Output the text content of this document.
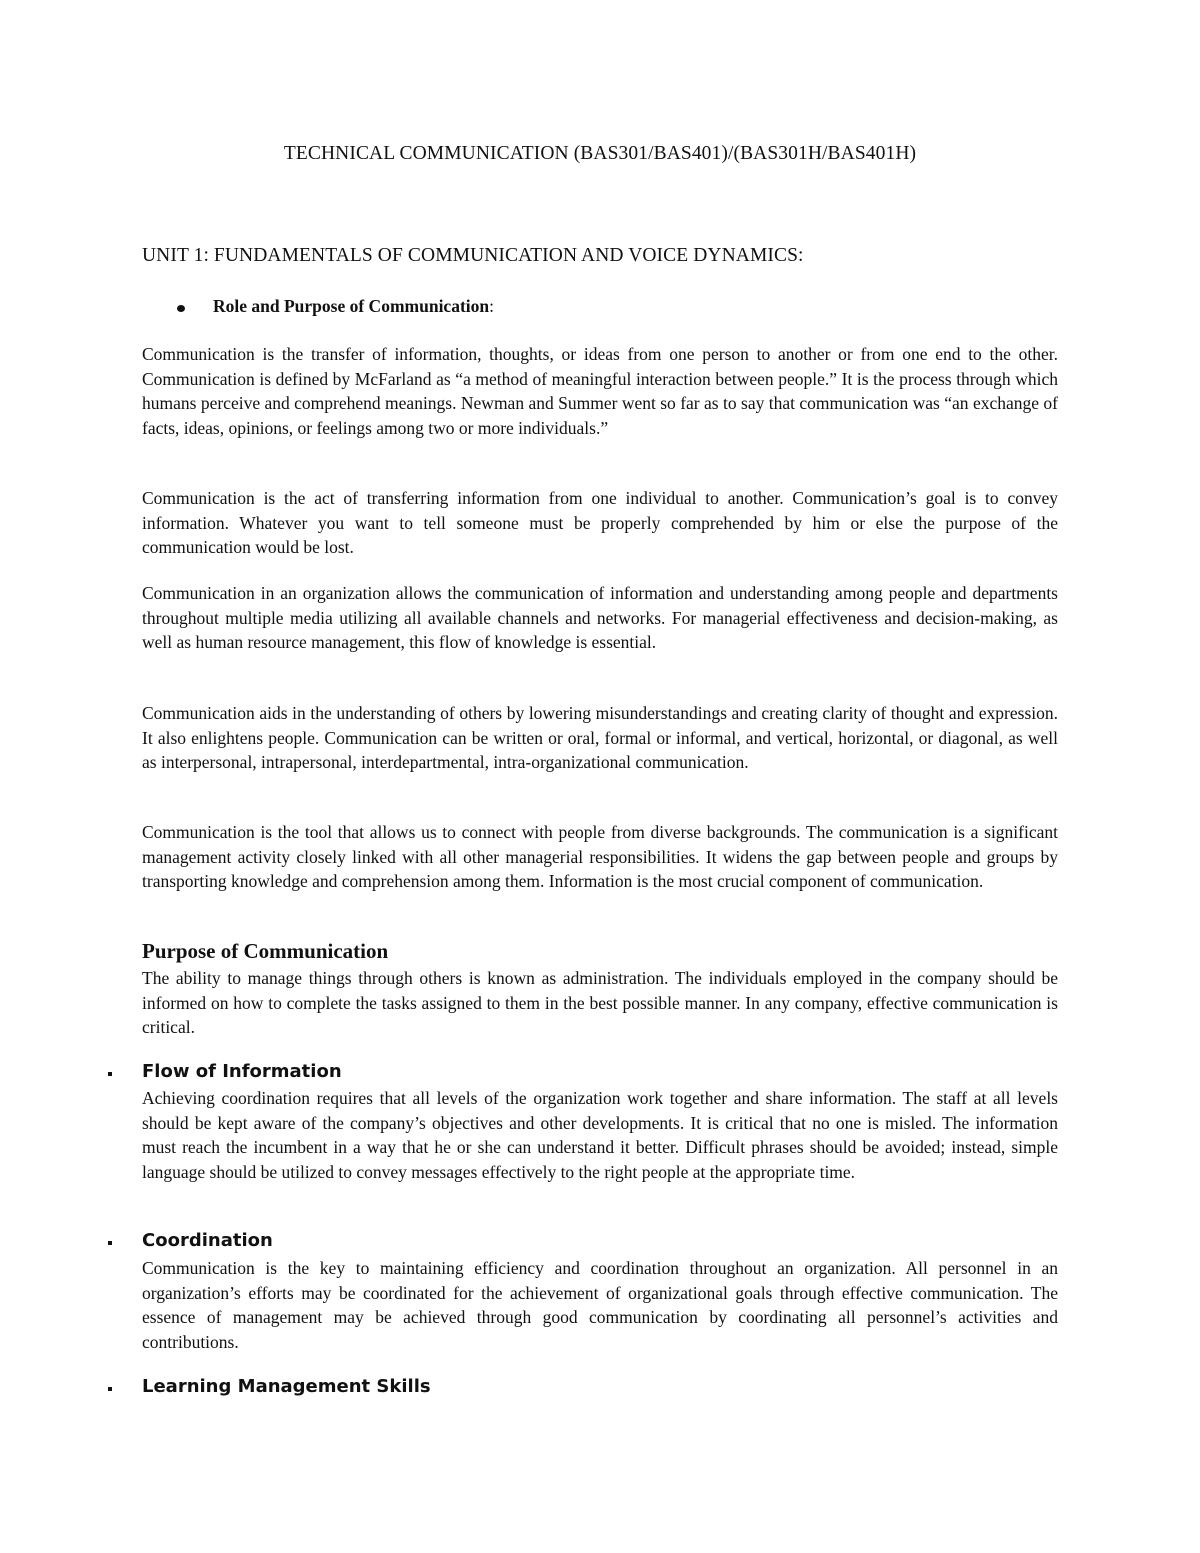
TECHNICAL COMMUNICATION (BAS301/BAS401)/(BAS301H/BAS401H)
UNIT 1: FUNDAMENTALS OF COMMUNICATION AND VOICE DYNAMICS:
Role and Purpose of Communication:

Communication is the transfer of information, thoughts, or ideas from one person to another or from one end to the other. Communication is defined by McFarland as “a method of meaningful interaction between people.” It is the process through which humans perceive and comprehend meanings. Newman and Summer went so far as to say that communication was “an exchange of facts, ideas, opinions, or feelings among two or more individuals.”

Communication is the act of transferring information from one individual to another. Communication’s goal is to convey information. Whatever you want to tell someone must be properly comprehended by him or else the purpose of the communication would be lost.

Communication in an organization allows the communication of information and understanding among people and departments throughout multiple media utilizing all available channels and networks. For managerial effectiveness and decision-making, as well as human resource management, this flow of knowledge is essential.

Communication aids in the understanding of others by lowering misunderstandings and creating clarity of thought and expression. It also enlightens people. Communication can be written or oral, formal or informal, and vertical, horizontal, or diagonal, as well as interpersonal, intrapersonal, interdepartmental, intra-organizational communication.

Communication is the tool that allows us to connect with people from diverse backgrounds. The communication is a significant management activity closely linked with all other managerial responsibilities. It widens the gap between people and groups by transporting knowledge and comprehension among them. Information is the most crucial component of communication.

Purpose of Communication

The ability to manage things through others is known as administration. The individuals employed in the company should be informed on how to complete the tasks assigned to them in the best possible manner. In any company, effective communication is critical.

Flow of Information

Achieving coordination requires that all levels of the organization work together and share information. The staff at all levels should be kept aware of the company’s objectives and other developments. It is critical that no one is misled. The information must reach the incumbent in a way that he or she can understand it better. Difficult phrases should be avoided; instead, simple language should be utilized to convey messages effectively to the right people at the appropriate time.

Coordination

Communication is the key to maintaining efficiency and coordination throughout an organization. All personnel in an organization’s efforts may be coordinated for the achievement of organizational goals through effective communication. The essence of management may be achieved through good communication by coordinating all personnel’s activities and contributions.

Learning Management Skills
